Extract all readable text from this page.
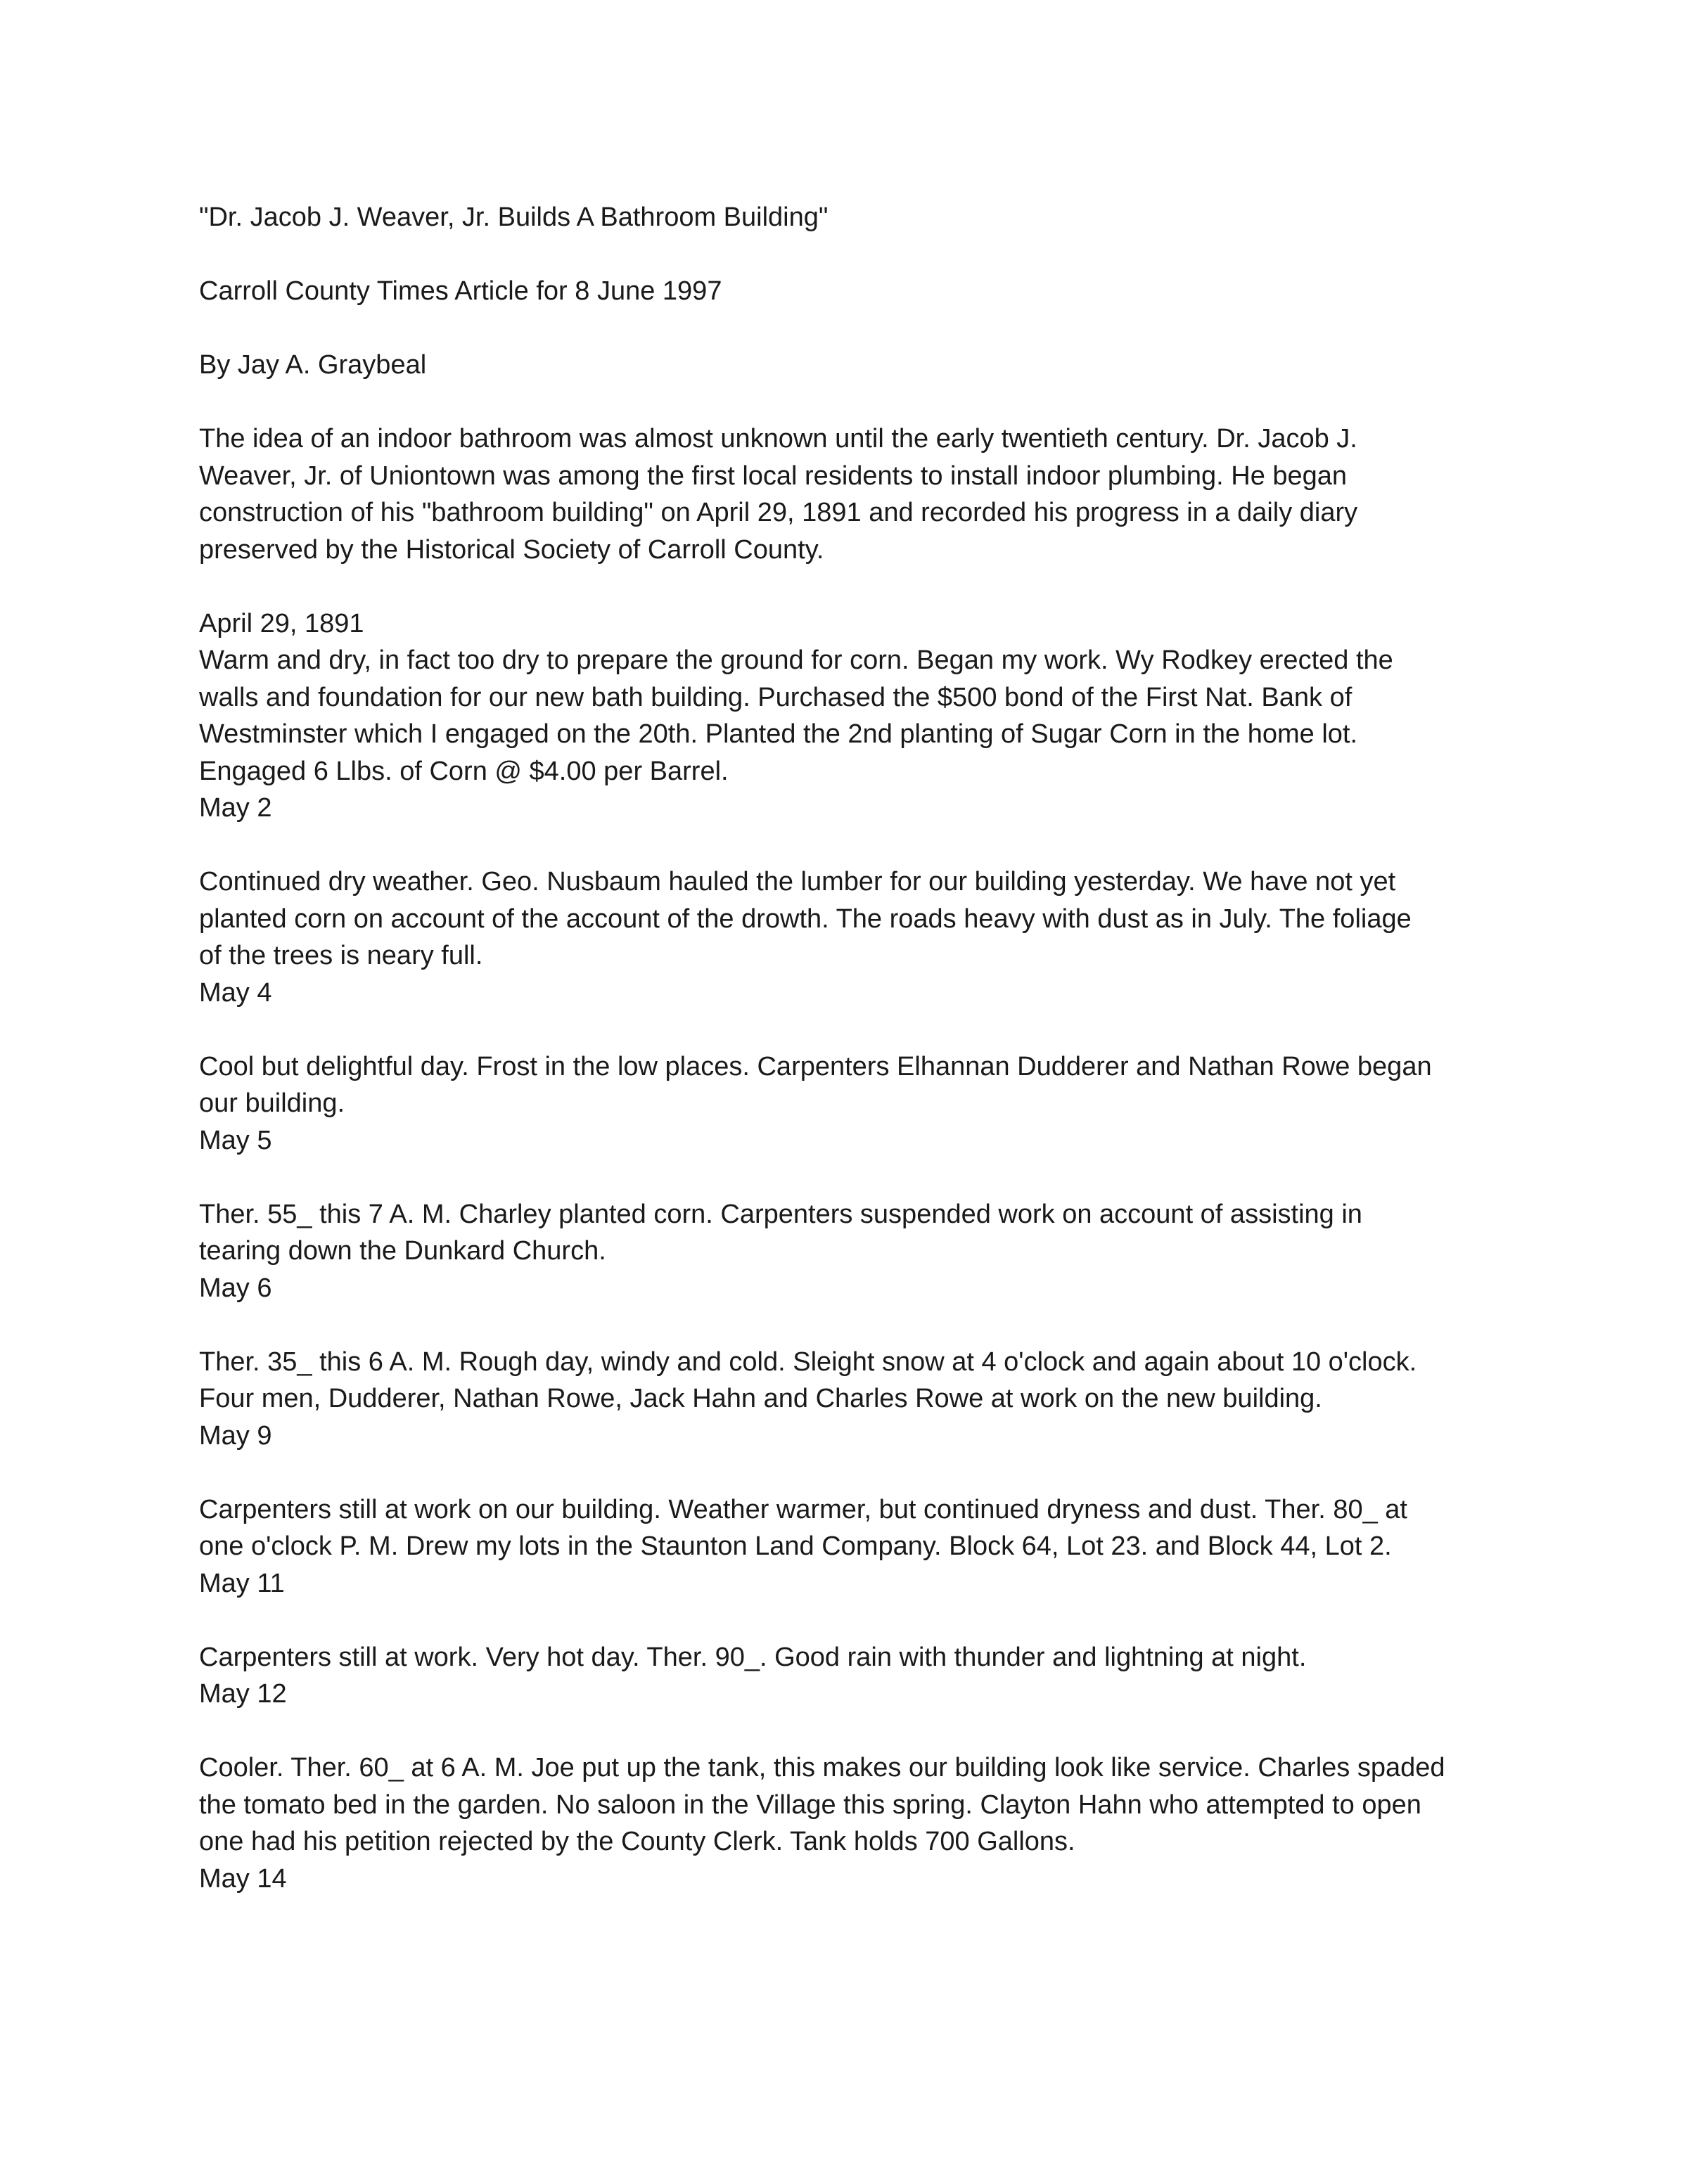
"Dr. Jacob J. Weaver, Jr. Builds A Bathroom Building"

Carroll County Times Article for 8 June 1997

By Jay A. Graybeal

The idea of an indoor bathroom was almost unknown until the early twentieth century. Dr. Jacob J.
Weaver, Jr. of Uniontown was among the first local residents to install indoor plumbing. He began
construction of his "bathroom building" on April 29, 1891 and recorded his progress in a daily diary
preserved by the Historical Society of Carroll County.

April 29, 1891

Warm and dry, in fact too dry to prepare the ground for corn. Began my work. Wy Rodkey erected the
walls and foundation for our new bath building. Purchased the $500 bond of the First Nat. Bank of
Westminster which I engaged on the 20th. Planted the 2nd planting of Sugar Corn in the home lot.
Engaged 6 Llbs. of Corn @ $4.00 per Barrel.

May 2

Continued dry weather. Geo. Nusbaum hauled the lumber for our building yesterday. We have not yet
planted corn on account of the account of the drowth. The roads heavy with dust as in July. The foliage
of the trees is neary full.

May 4

Cool but delightful day. Frost in the low places. Carpenters Elhannan Dudderer and Nathan Rowe began
our building.

May 5

Ther. 55_ this 7 A. M. Charley planted corn. Carpenters suspended work on account of assisting in
tearing down the Dunkard Church.

May 6

Ther. 35_ this 6 A. M. Rough day, windy and cold. Sleight snow at 4 o'clock and again about 10 o'clock.
Four men, Dudderer, Nathan Rowe, Jack Hahn and Charles Rowe at work on the new building.

May 9

Carpenters still at work on our building. Weather warmer, but continued dryness and dust. Ther. 80_ at
one o'clock P. M. Drew my lots in the Staunton Land Company. Block 64, Lot 23. and Block 44, Lot 2.

May 11

Carpenters still at work. Very hot day. Ther. 90_. Good rain with thunder and lightning at night.

May 12

Cooler. Ther. 60_ at 6 A. M. Joe put up the tank, this makes our building look like service. Charles spaded
the tomato bed in the garden. No saloon in the Village this spring. Clayton Hahn who attempted to open
one had his petition rejected by the County Clerk. Tank holds 700 Gallons.

May 14
